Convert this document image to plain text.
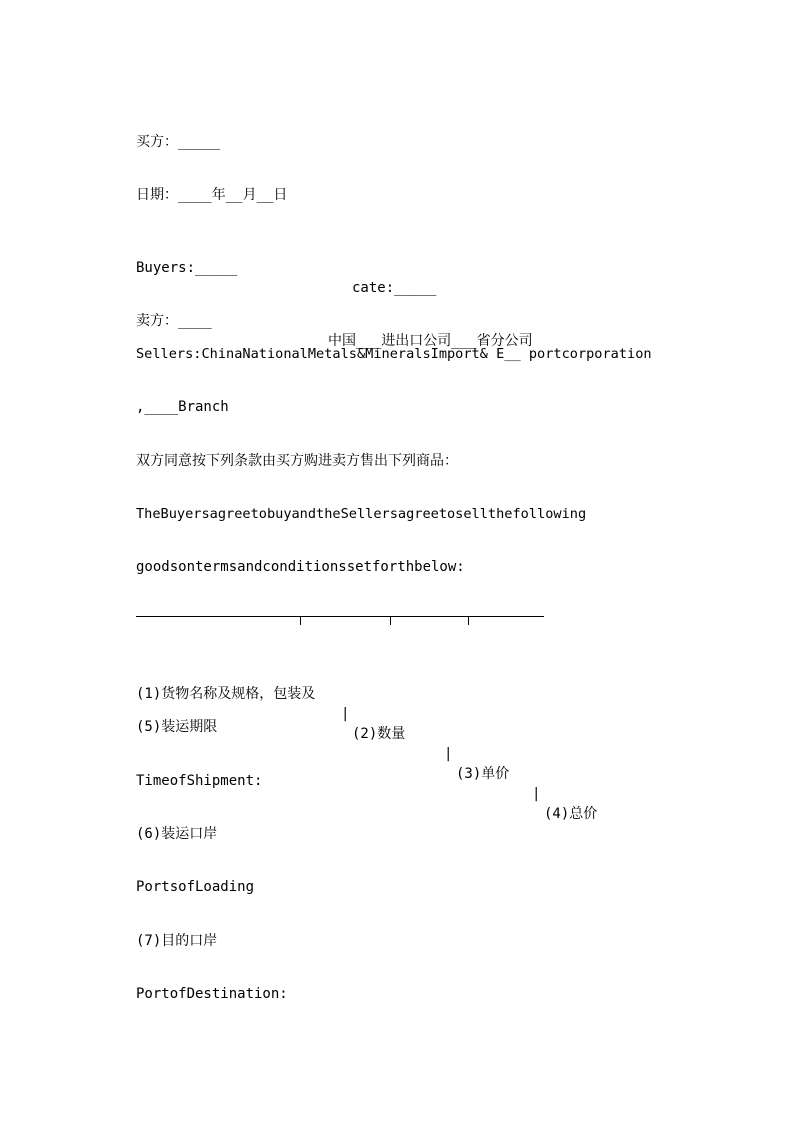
买方：_____
日期：____年__月__日

Buyers:_____

cate:_____

卖方：____

中国___进出口公司___省分公司

Sellers:ChinaNationalMetals&MineralsImport& E__ portcorporation
,____Branch
双方同意按下列条款由买方购进卖方售出下列商品：
TheBuyersagreetobuyandtheSellersagreetosellthefollowing
goodsontermsandconditionssetforthbelow:

(1)货物名称及规格，包装及

|

(2)数量

|

(3)单价

|

(4)总价

(5)装运期限
TimeofShipment:
(6)装运口岸
PortsofLoading
(7)目的口岸
PortofDestination:
